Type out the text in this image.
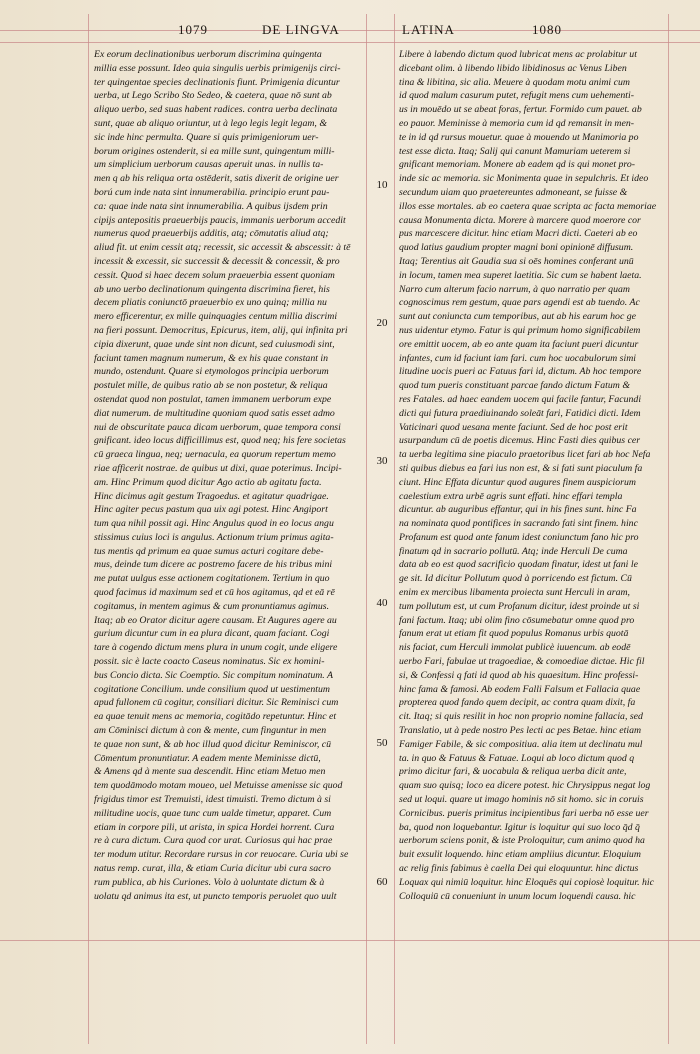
1079	DE LINGVA	LATINA	1080

Ex eorum declinationibus uerborum discrimina quingenta

millia esse possunt. Ideo quia singulis uerbis primigenijs circi-

ter quingentae species declinationis fiunt. Primigenia dicuntur

uerba, ut Lego Scribo Sto Sedeo, & caetera, quae nō sunt ab

aliquo uerbo, sed suas habent radices. contra uerba declinata

sunt, quae ab aliquo oriuntur, ut à lego legis legit legam, &

sic inde hinc permulta. Quare si quis primigeniorum uer-

borum origines ostenderit, si ea mille sunt, quingentum milli-

um simplicium uerborum causas aperuit unas. in nullis ta-

men q ab his reliqua orta ostēderit, satis dixerit de origine uer

ború cum inde nata sint innumerabilia. principio erunt pau-

ca: quae inde nata sint innumerabilia. A quibus ijsdem prin

cipijs antepositis praeuerbijs paucis, immanis uerborum accedit

numerus quod praeuerbijs additis, atq; cōmutatis aliud atq;

aliud fit. ut enim cessit atq; recessit, sic accessit & abscessit: à tē

incessit & excessit, sic successit & decessit & concessit, & pro

cessit. Quod si haec decem solum praeuerbia essent quoniam

ab uno uerbo declinationum quingenta discrimina fieret, his

decem pliatis coniunctō praeuerbio ex uno quinq; millia nu

mero efficerentur, ex mille quinquagies centum millia discrimi

na fieri possunt. Democritus, Epicurus, item, alij, qui infinita pri

cipia dixerunt, quae unde sint non dicunt, sed cuiusmodi sint,

faciunt tamen magnum numerum, & ex his quae constant in

mundo, ostendunt. Quare si etymologos principia uerborum

postulet mille, de quibus ratio ab se non postetur, & reliqua

ostendat quod non postulat, tamen immanem uerborum expe

diat numerum. de multitudine quoniam quod satis esset admo

nui de obscuritate pauca dicam uerborum, quae tempora consi

gnificant. ideo locus difficillimus est, quod neq; his fere societas

cū graeca lingua, neq; uernacula, ea quorum repertum memo

riae afficerit nostrae. de quibus ut dixi, quae poterimus. Incipi-

am. Hinc Primum quod dicitur Ago actio ab agitatu facta.

Hinc dicimus agit gestum Tragoedus. et agitatur quadrigae.

Hinc agiter pecus pastum qua uix agi potest. Hinc Angiport

tum qua nihil possit agi. Hinc Angulus quod in eo locus angu

stissimus cuius loci is angulus. Actionum trium primus agita-

tus mentis qd primum ea quae sumus acturi cogitare debe-

mus, deinde tum dicere ac postremo facere de his tribus mini

me putat uulgus esse actionem cogitationem. Tertium in quo

quod facimus id maximum sed et cū hos agitamus, qd et eā rē

cogitamus, in mentem agimus & cum pronuntiamus agimus.

Itaq; ab eo Orator dicitur agere causam. Et Augures agere au

gurium dicuntur cum in ea plura dicant, quam faciant. Cogi

tare à cogendo dictum mens plura in unum cogit, unde eligere

possit. sic è lacte coacto Caseus nominatus. Sic ex homini-

bus Concio dicta. Sic Coemptio. Sic compitum nominatum. A

cogitatione Concilium. unde consilium quod ut uestimentum

apud fullonem cū cogitur, consiliari dicitur. Sic Reminisci cum

ea quae tenuit mens ac memoria, cogitādo repetuntur. Hinc et

am Cōminisci dictum à con & mente, cum finguntur in men

te quae non sunt, & ab hoc illud quod dicitur Reminiscor, cū

Cōmentum pronuntiatur. A eadem mente Meminisse dictū,

& Amens qd à mente sua descendit. Hinc etiam Metuo men

tem quodāmodo motam moueo, uel Metuisse amenisse sic quod

frigidus timor est Tremuisti, idest timuisti. Tremo dictum à si

militudine uocis, quae tunc cum ualde timetur, apparet. Cum

etiam in corpore pili, ut arista, in spica Hordei horrent. Cura

re à cura dictum. Cura quod cor urat. Curiosus qui hac prae

ter modum utitur. Recordare rursus in cor reuocare. Curia ubi se

natus remp. curat, illa, & etiam Curia dicitur ubi cura sacro

rum publica, ab his Curiones. Volo à uoluntate dictum & à

uolatu qd animus ita est, ut puncto temporis peruolet quo uult

Libere à labendo dictum quod lubricat mens ac prolabitur ut

dicebant olim. à libendo libido libidinosus ac Venus Liben

tina & libitina, sic alia. Meuere à quodam motu animi cum

id quod malum casurum putet, refugit mens cum uehementi-

us in mouēdo ut se abeat foras, fertur. Formido cum pauet. ab

eo pauor. Meminisse à memoria cum id qd remansit in men-

te in id qd rursus mouetur. quae à mouendo ut Manimoria po

test esse dicta. Itaq; Salij qui canunt Mamuriam ueterem si

gnificant memoriam. Monere ab eadem qd is qui monet pro-

inde sic ac memoria. sic Monimenta quae in sepulchris. Et ideo

secundum uiam quo praetereuntes admoneant, se fuisse &

illos esse mortales. ab eo caetera quae scripta ac facta memoriae

causa Monumenta dicta. Morere à marcere quod moerore cor

pus marcescere dicitur. hinc etiam Macri dicti. Caeteri ab eo

quod latius gaudium propter magni boni opinionē diffusum.

Itaq; Terentius ait Gaudia sua si oēs homines conferant unū

in locum, tamen mea superet laetitia. Sic cum se habent laeta.

Narro cum alterum facio narrum, à quo narratio per quam

cognoscimus rem gestum, quae pars agendi est ab tuendo. Ac

sunt aut coniuncta cum temporibus, aut ab his earum hoc ge

nus uidentur etymo. Fatur is qui primum homo significabilem

ore emittit uocem, ab eo ante quam ita faciunt pueri dicuntur

infantes, cum id faciunt iam fari. cum hoc uocabulorum simi

litudine uocis pueri ac Fatuus fari id, dictum. Ab hoc tempore

quod tum pueris constituant parcae fando dictum Fatum &

res Fatales. ad haec eandem uocem qui facile fantur, Facundi

dicti qui futura praediuinando soleāt fari, Fatidici dicti. Idem

Vaticinari quod uesana mente faciunt. Sed de hoc post erit

usurpandum cū de poetis dicemus. Hinc Fasti dies quibus cer

ta uerba legitima sine piaculo praetoribus licet fari ab hoc Nefa

sti quibus diebus ea fari ius non est, & si fati sunt piaculum fa

ciunt. Hinc Effata dicuntur quod augures finem auspiciorum

caelestium extra urbē agris sunt effati. hinc effari templa

dicuntur. ab auguribus effantur, qui in his fines sunt. hinc Fa

na nominata quod pontifices in sacrando fati sint finem. hinc

Profanum est quod ante fanum idest coniunctum fano hic pro

finatum qd in sacrario pollutū. Atq; inde Herculi De cuma

data ab eo est quod sacrificio quodam finatur, idest ut fani le

ge sit. Id dicitur Pollutum quod à porricendo est fictum. Cū

enim ex mercibus libamenta proiecta sunt Herculi in aram,

tum pollutum est, ut cum Profanum dicitur, idest proinde ut si

fani factum. Itaq; ubi olim fino cōsumebatur omne quod pro

fanum erat ut etiam fit quod populus Romanus urbis quotā

nis faciat, cum Herculi immolat publicè iuuencum. ab eodē

uerbo Fari, fabulae ut tragoediae, & comoediae dictae. Hic fil

si, & Confessi q fati id quod ab his quaesitum. Hinc professi-

hinc fama & famosi. Ab eodem Falli Falsum et Fallacia quae

propterea quod fando quem decipit, ac contra quam dixit, fa

cit. Itaq; si quis resilit in hoc non proprio nomine fallacia, sed

Translatio, ut à pede nostro Pes lecti ac pes Betae. hinc etiam

Famiger Fabile, & sic compositiua. alia item ut declinatu mul

ta. in quo & Fatuus & Fatuae. Loqui ab loco dictum quod q

primo dicitur fari, & uocabula & reliqua uerba dicit ante,

quam suo quisq; loco ea dicere potest. hic Chrysippus negat log

sed ut loqui. quare ut imago hominis nō sit homo. sic in coruis

Cornicibus. pueris primitus incipientibus fari uerba nō esse uer

ba, quod non loquebantur. Igitur is loquitur qui suo loco q̄d q̄

uerborum sciens ponit, & iste Proloquitur, cum animo quod ha

buit exsulit loquendo. hinc etiam ampliius dicuntur. Eloquium

ac relig finis fabimus è caella Dei qui eloquuntur. hinc dictus

Loquax qui nimiū loquitur. hinc Eloquēs qui copiosè loquitur. hic

Colloquiū cū conueniunt in unum locum loquendi causa. hic

10
20
30
40
50
60
